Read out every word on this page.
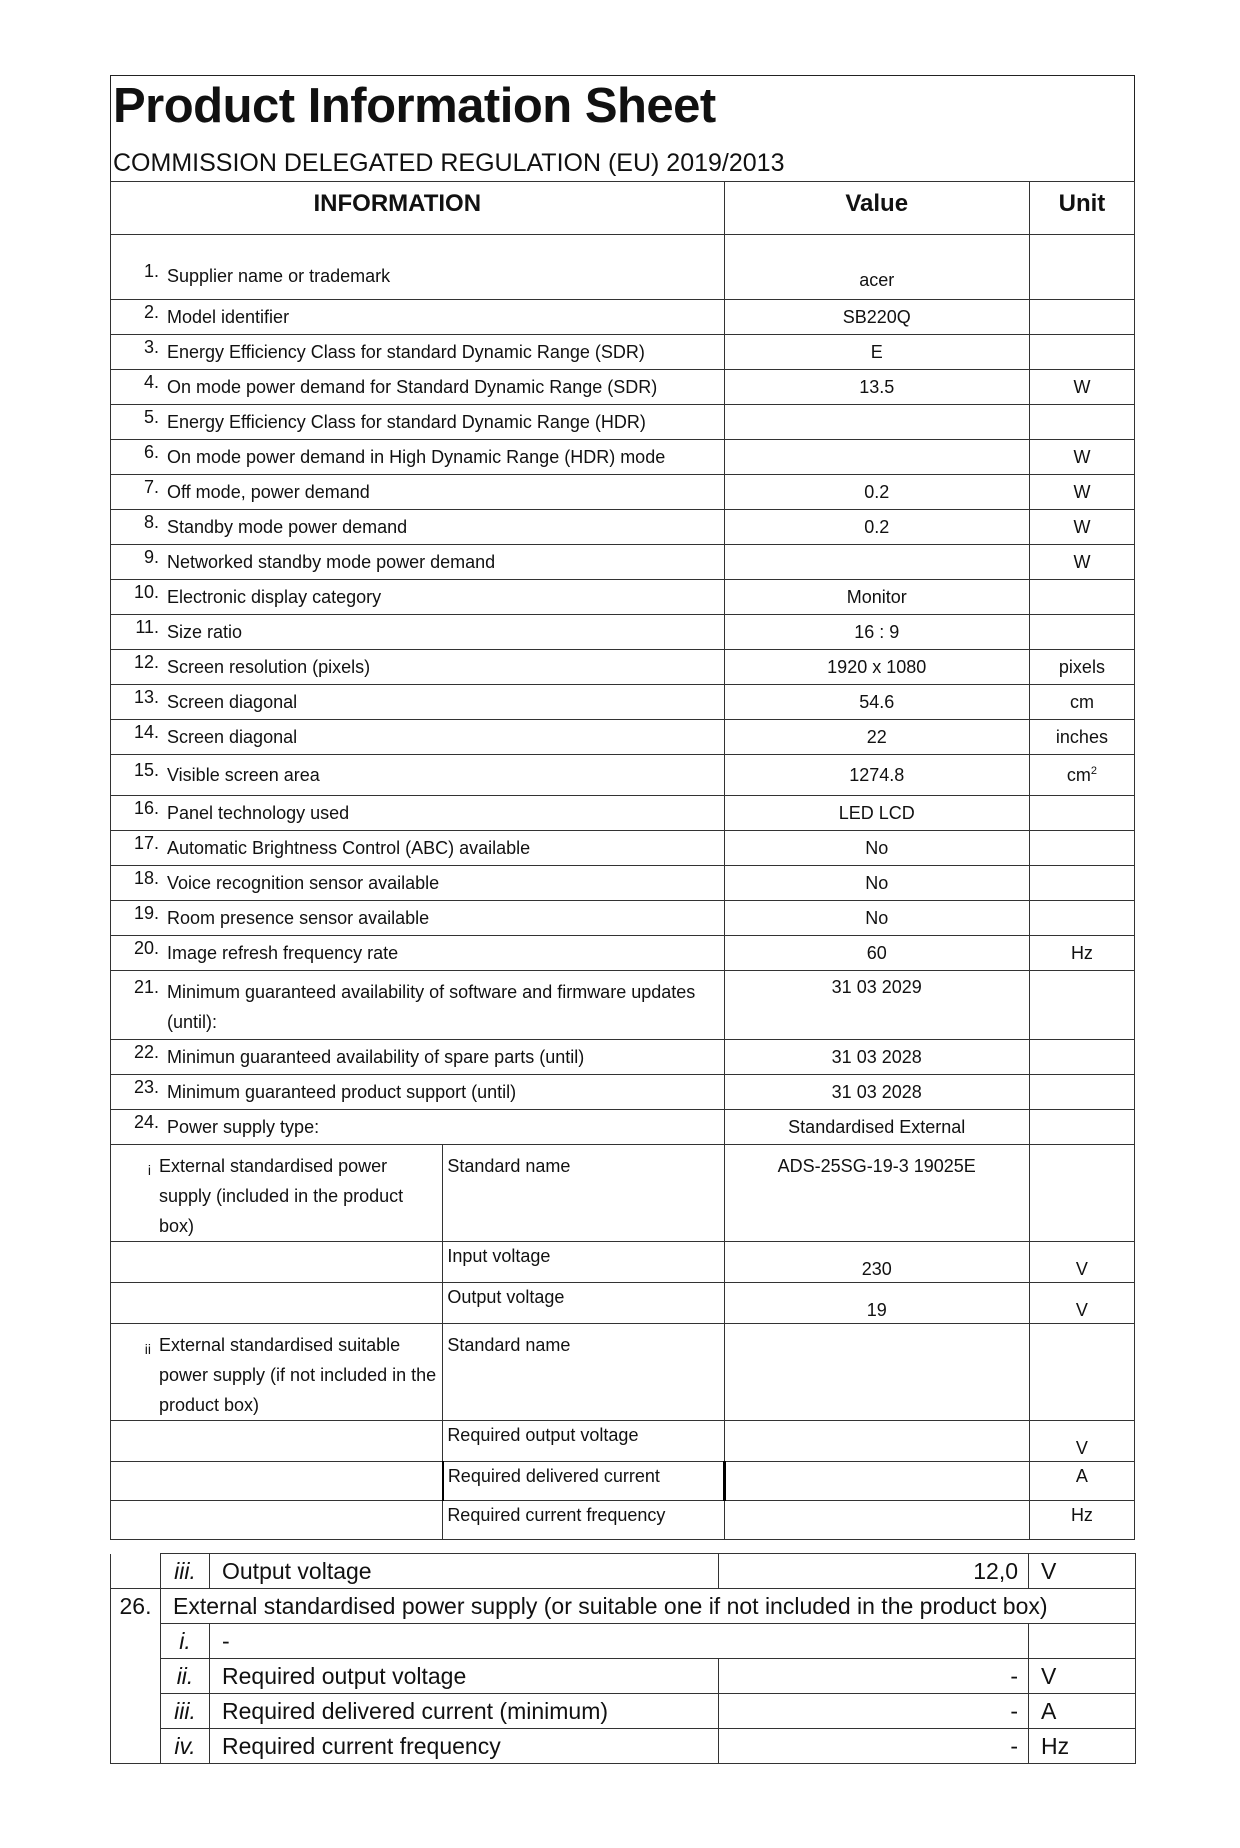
Product Information Sheet
COMMISSION DELEGATED REGULATION (EU) 2019/2013
INFORMATION		Value	Unit

1. Supplier name or trademark		acer	

2. Model identifier		SB220Q	

3. Energy Efficiency Class for standard Dynamic Range (SDR)		E	

4. On mode power demand for Standard Dynamic Range (SDR)		13.5	W

5. Energy Efficiency Class for standard Dynamic Range (HDR)			

6. On mode power demand in High Dynamic Range (HDR) mode			W

7. Off mode, power demand		0.2	W

8. Standby mode power demand		0.2	W

9. Networked standby mode power demand			W

10. Electronic display category		Monitor	

11. Size ratio		16 : 9	

12. Screen resolution (pixels)		1920 x 1080	pixels

13. Screen diagonal		54.6	cm

14. Screen diagonal		22	inches

15. Visible screen area		1274.8	$cm^2$

16. Panel technology used		LED LCD	

17. Automatic Brightness Control (ABC) available		No	

18. Voice recognition sensor available		No	

19. Room presence sensor available		No	

20. Image refresh frequency rate		60	Hz

21. Minimum guaranteed availability of software and firmware updates (until):		31 03 2029	

22. Minimun guaranteed availability of spare parts (until)		31 03 2028	

23. Minimum guaranteed product support (until)		31 03 2028	

24. Power supply type:		Standardised External	

i External standardised power supply (included in the product box)	Standard name	ADS-25SG-19-3 19025E	
	Input voltage	230	V
	Output voltage	19	V

ii External standardised suitable power supply (if not included in the product box)	Standard name		
	Required output voltage		V
	Required delivered current		A
	Required current frequency		Hz
	iii.	Output voltage	12,0	V
26.	External standardised power supply (or suitable one if not included in the product box)			
	i.	-		
	ii.	Required output voltage	-	V
	iii.	Required delivered current (minimum)	-	A
	iv.	Required current frequency	-	Hz
